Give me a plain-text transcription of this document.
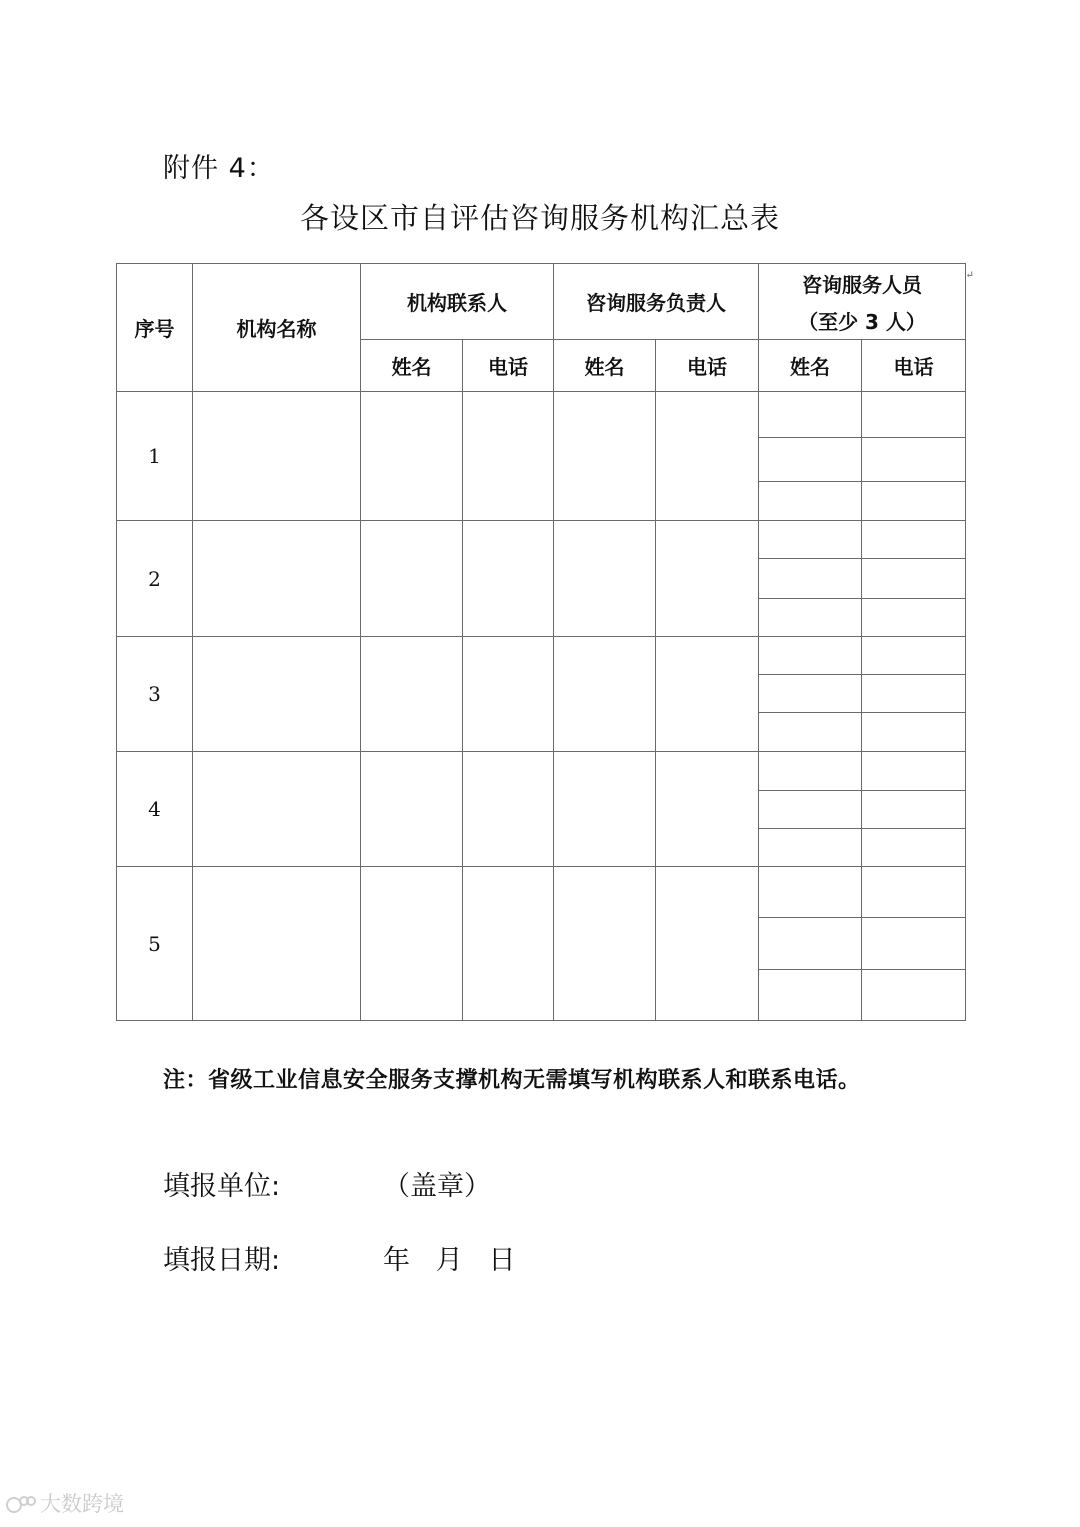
附件 4：
各设区市自评估咨询服务机构汇总表
序号	机构名称	机构联系人		咨询服务负责人		咨询服务人员
（至少 3 人）
↵	

		姓名	电话	姓名	电话	姓名	电话
1							

2							

3							

4							

5							

注：省级工业信息安全服务支撑机构无需填写机构联系人和联系电话。
填报单位:	（盖章）
填报日期:	年   月   日
大数跨境
